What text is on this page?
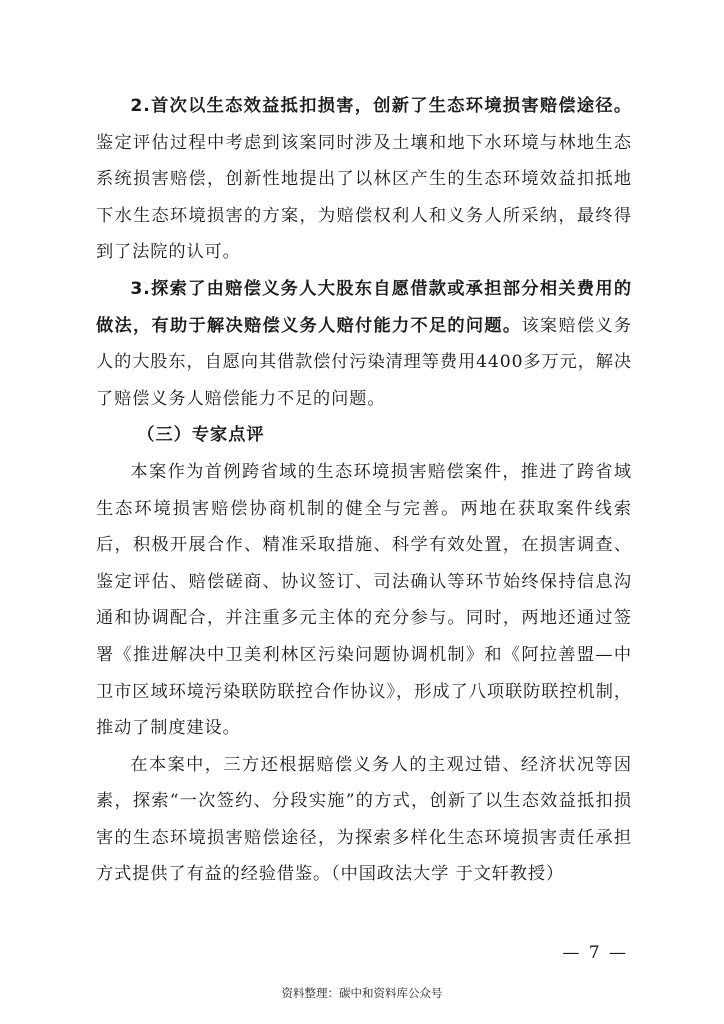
2.首次以生态效益抵扣损害，创新了生态环境损害赔偿途径。鉴定评估过程中考虑到该案同时涉及土壤和地下水环境与林地生态系统损害赔偿，创新性地提出了以林区产生的生态环境效益扣抵地下水生态环境损害的方案，为赔偿权利人和义务人所采纳，最终得到了法院的认可。

3.探索了由赔偿义务人大股东自愿借款或承担部分相关费用的做法，有助于解决赔偿义务人赔付能力不足的问题。该案赔偿义务人的大股东，自愿向其借款偿付污染清理等费用4400多万元，解决了赔偿义务人赔偿能力不足的问题。

（三）专家点评

本案作为首例跨省域的生态环境损害赔偿案件，推进了跨省域生态环境损害赔偿协商机制的健全与完善。两地在获取案件线索后，积极开展合作、精准采取措施、科学有效处置，在损害调查、鉴定评估、赔偿磋商、协议签订、司法确认等环节始终保持信息沟通和协调配合，并注重多元主体的充分参与。同时，两地还通过签署《推进解决中卫美利林区污染问题协调机制》和《阿拉善盟—中卫市区域环境污染联防联控合作协议》，形成了八项联防联控机制，推动了制度建设。

在本案中，三方还根据赔偿义务人的主观过错、经济状况等因素，探索“一次签约、分段实施”的方式，创新了以生态效益抵扣损害的生态环境损害赔偿途径，为探索多样化生态环境损害责任承担方式提供了有益的经验借鉴。（中国政法大学 于文轩教授）

— 7 —
资料整理：碳中和资料库公众号
